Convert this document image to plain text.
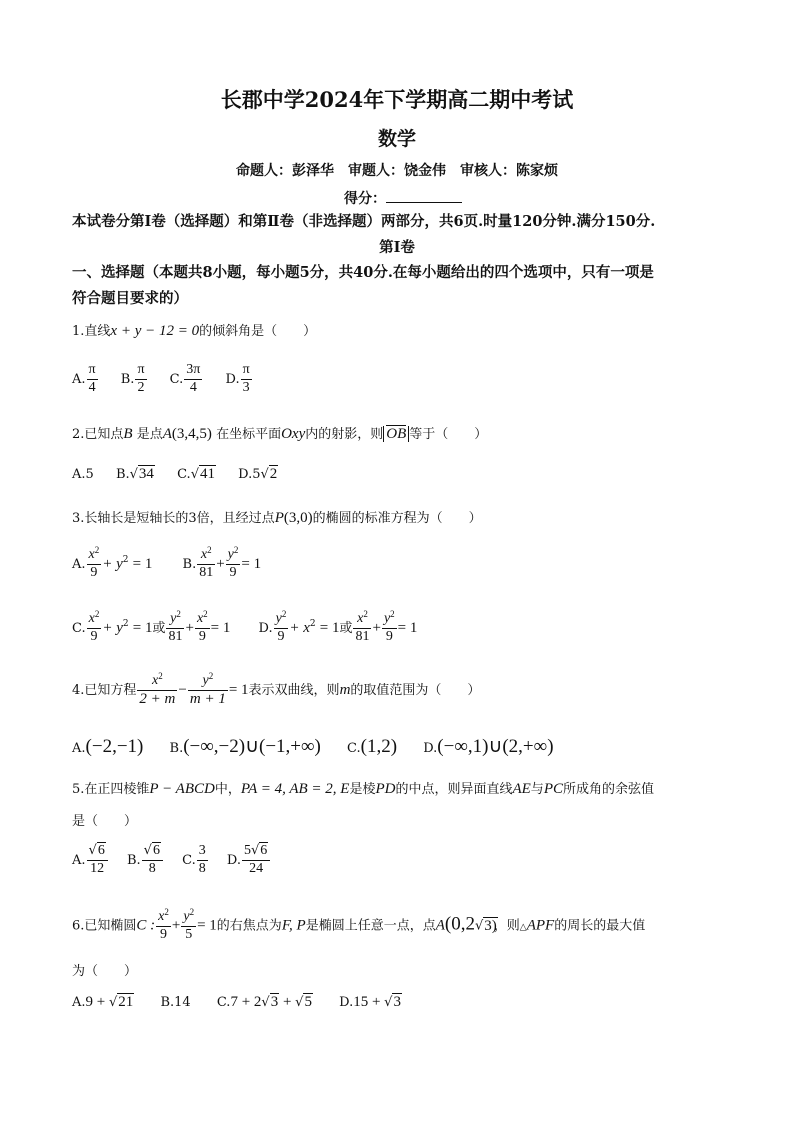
长郡中学2024年下学期高二期中考试
数学
命题人：彭泽华　审题人：饶金伟　审核人：陈家烦
得分：
本试卷分第Ⅰ卷（选择题）和第Ⅱ卷（非选择题）两部分，共6页.时量120分钟.满分150分.
第Ⅰ卷
一、选择题（本题共8小题，每小题5分，共40分.在每小题给出的四个选项中，只有一项是
符合题目要求的）
1.直线x + y − 12 = 0的倾斜角是（　　）
A. $\frac{\pi}{4} B$. $\frac{\pi}{2} C$. $\frac{3\pi}{4} D$. $\frac{\pi}{3}$
2.已知点B 是点A(3,4,5) 在坐标平面Oxy内的射影，则 OB 等于（　　）
A.5 B.√34 C.√41 D.5√2
3.长轴长是短轴长的3倍，且经过点P(3,0)的椭圆的标准方程为（　　）
A. $\frac{x^2}{9} + y^2 = 1$ B. $\frac{x^2}{81} + \frac{y^2}{9} = 1$
C. $\frac{x^2}{9} + y^2 = 1$或 $\frac{y^2}{81} + \frac{x^2}{9} = 1$ D. $\frac{y^2}{9} + x^2 = 1$或 $\frac{x^2}{81} + \frac{y^2}{9} = 1$
4.已知方程 $\frac{x^2}{2 + m} - \frac{y^2}{m + 1} = 1$表示双曲线，则m的取值范围为（　　）
A.(−2,−1) B.(−∞,−2)∪(−1,+∞) C.(1,2) D.(−∞,1)∪(2,+∞)
5.在正四棱锥P − ABCD中，PA = 4, AB = 2, E是棱PD的中点，则异面直线AE与PC所成角的余弦值
是（　　）
A. $\frac{√6}{12} B$. $\frac{√6}{8} C$. $\frac{3}{8} D$. $\frac{5√6}{24}$
6.已知椭圆C : $\frac{x^2}{9} + \frac{y^2}{5} = 1$的右焦点为F, P是椭圆上任意一点，点A(0,2√3)，则△APF的周长的最大值
为（　　）
A.9 + √21 B.14 C.7 + 2√3 + √5 D.15 + √3
